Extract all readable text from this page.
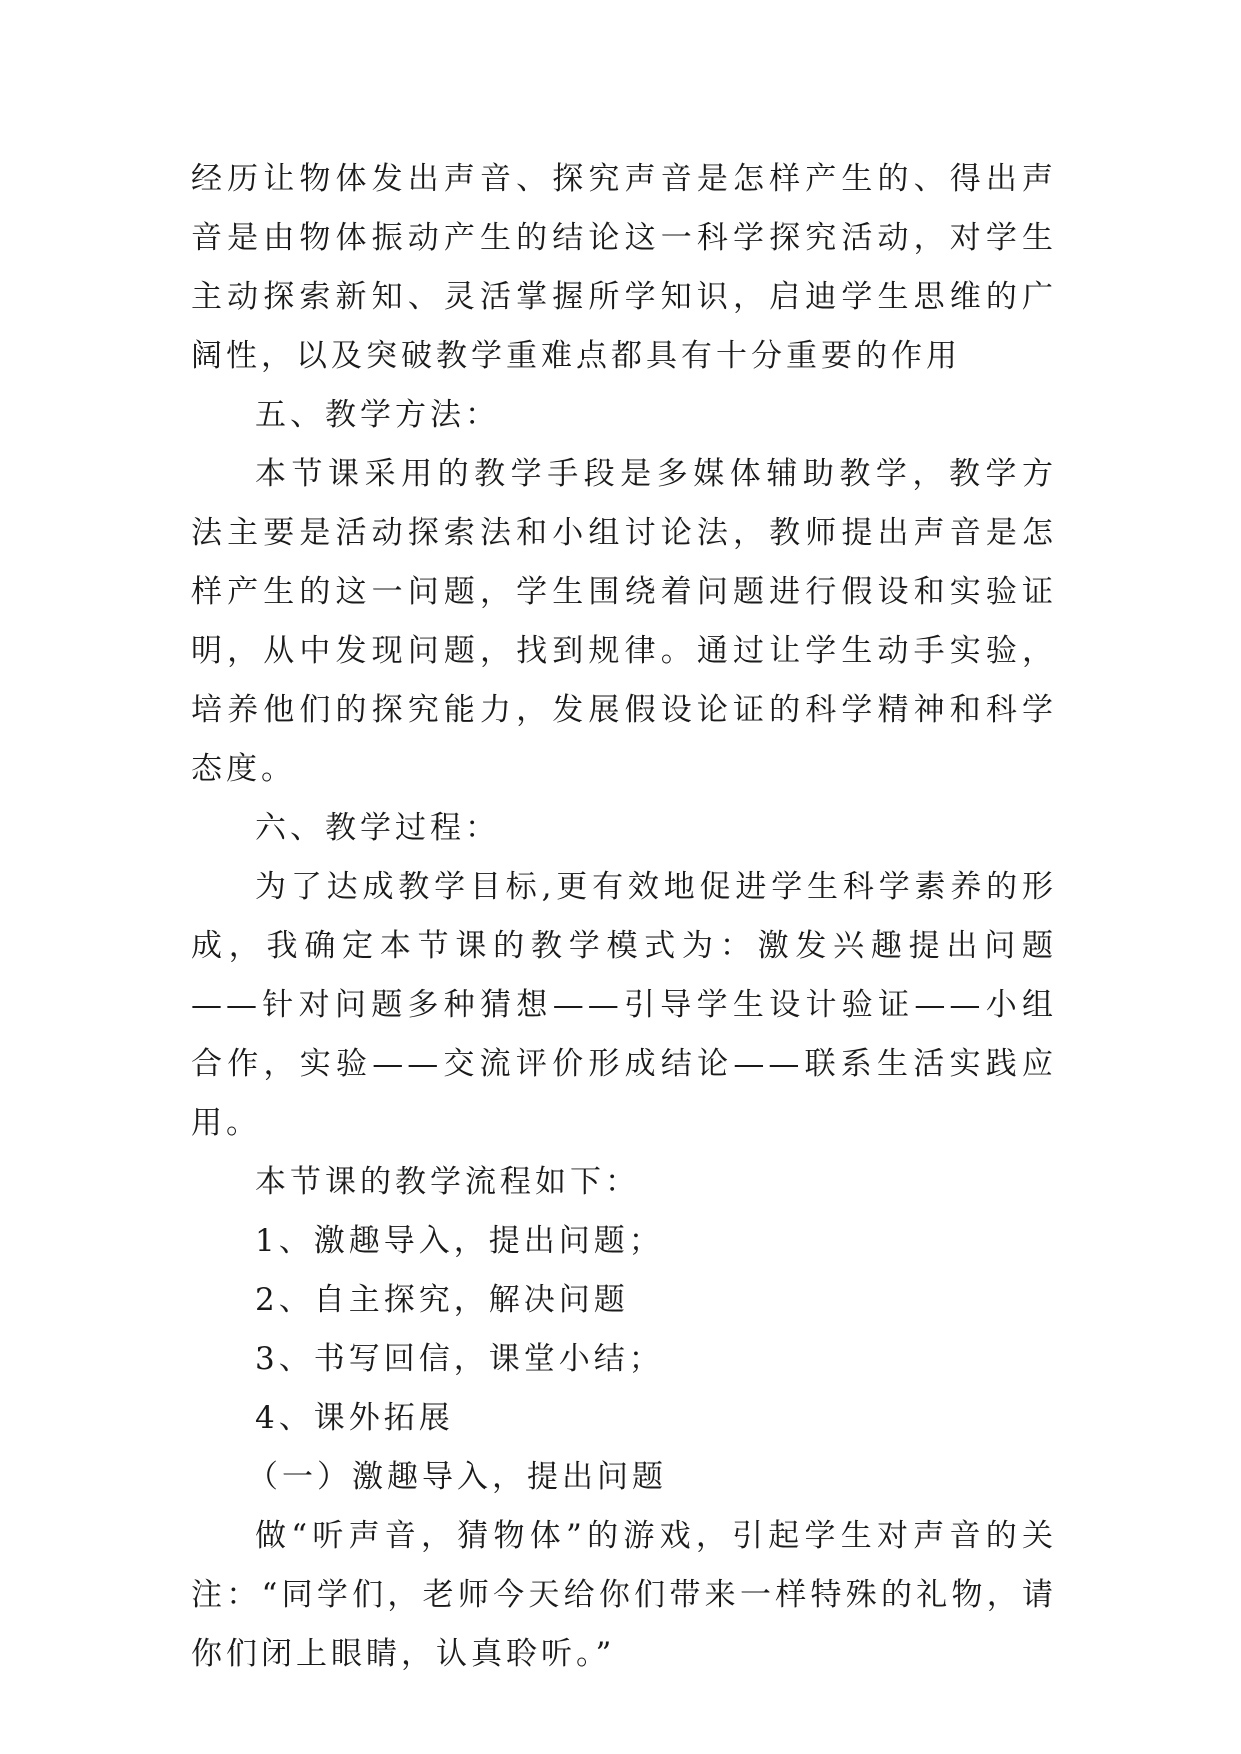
经历让物体发出声音、探究声音是怎样产生的、得出声音是由物体振动产生的结论这一科学探究活动，对学生主动探索新知、灵活掌握所学知识，启迪学生思维的广阔性，以及突破教学重难点都具有十分重要的作用

五、教学方法：

本节课采用的教学手段是多媒体辅助教学，教学方法主要是活动探索法和小组讨论法，教师提出声音是怎样产生的这一问题，学生围绕着问题进行假设和实验证明，从中发现问题，找到规律。通过让学生动手实验，培养他们的探究能力，发展假设论证的科学精神和科学态度。

六、教学过程：

为了达成教学目标,更有效地促进学生科学素养的形成，我确定本节课的教学模式为：激发兴趣提出问题——针对问题多种猜想——引导学生设计验证——小组合作，实验——交流评价形成结论——联系生活实践应用。

本节课的教学流程如下：

1、激趣导入，提出问题；

2、自主探究，解决问题

3、书写回信，课堂小结；

4、课外拓展

（一）激趣导入，提出问题

做“听声音，猜物体”的游戏，引起学生对声音的关注：“同学们，老师今天给你们带来一样特殊的礼物，请你们闭上眼睛，认真聆听。”
